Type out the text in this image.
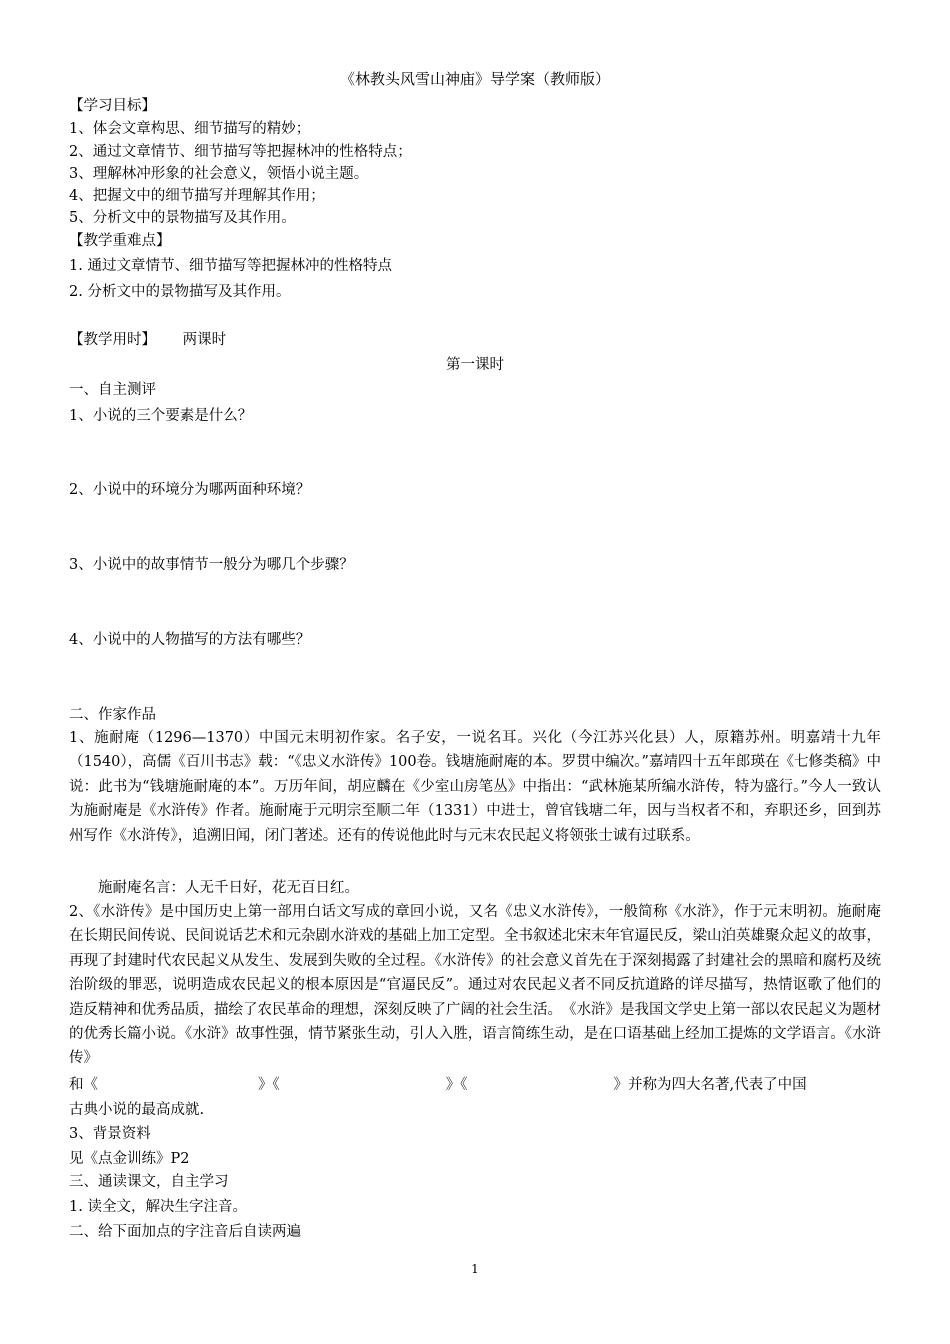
《林教头风雪山神庙》导学案（教师版）
【学习目标】
1、体会文章构思、细节描写的精妙；
2、通过文章情节、细节描写等把握林冲的性格特点；
3、理解林冲形象的社会意义，领悟小说主题。
4、把握文中的细节描写并理解其作用；
5、分析文中的景物描写及其作用。
【教学重难点】
1. 通过文章情节、细节描写等把握林冲的性格特点
2. 分析文中的景物描写及其作用。
【教学用时】 两课时
第一课时
一、自主测评
1、小说的三个要素是什么？
2、小说中的环境分为哪两面种环境？
3、小说中的故事情节一般分为哪几个步骤？
4、小说中的人物描写的方法有哪些？
二、作家作品
1、施耐庵（1296—1370）中国元末明初作家。名子安，一说名耳。兴化（今江苏兴化县）人，原籍苏州。明嘉靖十九年（1540），高儒《百川书志》载：“《忠义水浒传》100卷。钱塘施耐庵的本。罗贯中编次。”嘉靖四十五年郎瑛在《七修类稿》中说：此书为“钱塘施耐庵的本”。万历年间，胡应麟在《少室山房笔丛》中指出：“武林施某所编水浒传，特为盛行。”今人一致认为施耐庵是《水浒传》作者。施耐庵于元明宗至顺二年（1331）中进士，曾官钱塘二年，因与当权者不和，弃职还乡，回到苏州写作《水浒传》，追溯旧闻，闭门著述。还有的传说他此时与元末农民起义将领张士诚有过联系。
施耐庵名言：人无千日好，花无百日红。
2、《水浒传》是中国历史上第一部用白话文写成的章回小说，又名《忠义水浒传》，一般简称《水浒》，作于元末明初。施耐庵在长期民间传说、民间说话艺术和元杂剧水浒戏的基础上加工定型。全书叙述北宋末年官逼民反，梁山泊英雄聚众起义的故事，再现了封建时代农民起义从发生、发展到失败的全过程。《水浒传》的社会意义首先在于深刻揭露了封建社会的黑暗和腐朽及统治阶级的罪恶，说明造成农民起义的根本原因是“官逼民反”。通过对农民起义者不同反抗道路的详尽描写，热情讴歌了他们的造反精神和优秀品质，描绘了农民革命的理想，深刻反映了广阔的社会生活。　《水浒》是我国文学史上第一部以农民起义为题材的优秀长篇小说。《水浒》故事性强，情节紧张生动，引人入胜，语言简练生动，是在口语基础上经加工提炼的文学语言。《水浒传》
和《	》《	》《	》并称为四大名著,代表了中国
古典小说的最高成就.
3、背景资料
见《点金训练》P2
三、通读课文，自主学习
1. 读全文，解决生字注音。
二、给下面加点的字注音后自读两遍
1
